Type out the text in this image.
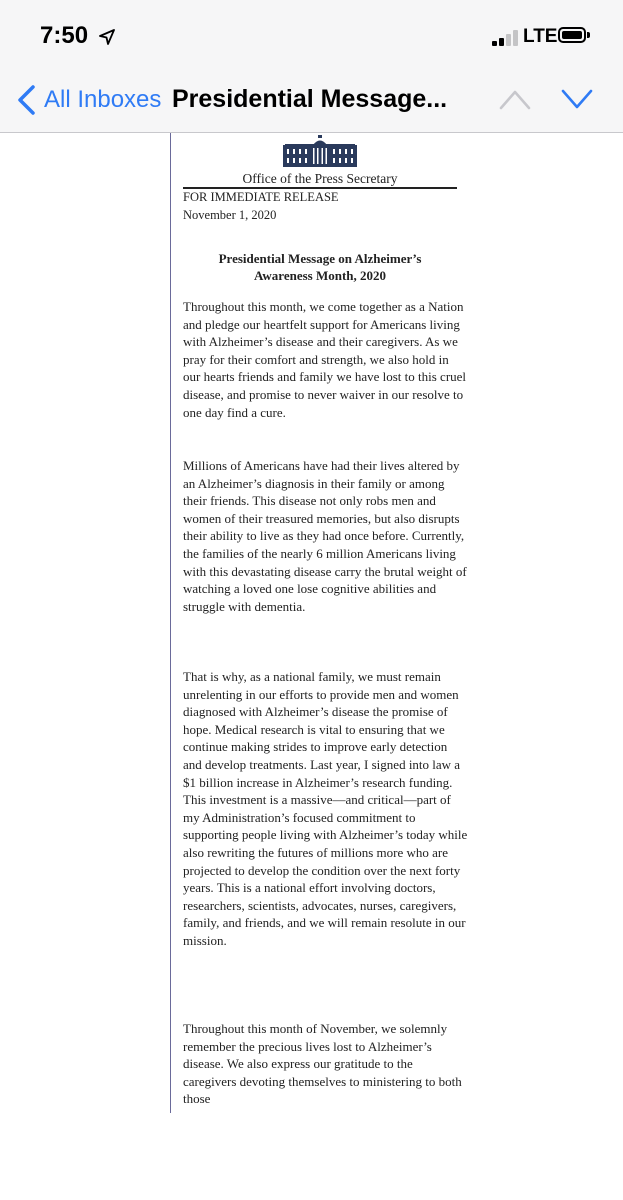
7:50	LTE
All Inboxes Presidential Message...
Office of the Press Secretary
FOR IMMEDIATE RELEASE
November 1, 2020
Presidential Message on Alzheimer’s
Awareness Month, 2020
Throughout this month, we come together as a Nation and pledge our heartfelt support for Americans living with Alzheimer’s disease and their caregivers. As we pray for their comfort and strength, we also hold in our hearts friends and family we have lost to this cruel disease, and promise to never waiver in our resolve to one day find a cure.
Millions of Americans have had their lives altered by an Alzheimer’s diagnosis in their family or among their friends. This disease not only robs men and women of their treasured memories, but also disrupts their ability to live as they had once before. Currently, the families of the nearly 6 million Americans living with this devastating disease carry the brutal weight of watching a loved one lose cognitive abilities and struggle with dementia.
That is why, as a national family, we must remain unrelenting in our efforts to provide men and women diagnosed with Alzheimer’s disease the promise of hope. Medical research is vital to ensuring that we continue making strides to improve early detection and develop treatments. Last year, I signed into law a $1 billion increase in Alzheimer’s research funding. This investment is a massive—and critical—part of my Administration’s focused commitment to supporting people living with Alzheimer’s today while also rewriting the futures of millions more who are projected to develop the condition over the next forty years. This is a national effort involving doctors, researchers, scientists, advocates, nurses, caregivers, family, and friends, and we will remain resolute in our mission.
Throughout this month of November, we solemnly remember the precious lives lost to Alzheimer’s disease. We also express our gratitude to the caregivers devoting themselves to ministering to both those
